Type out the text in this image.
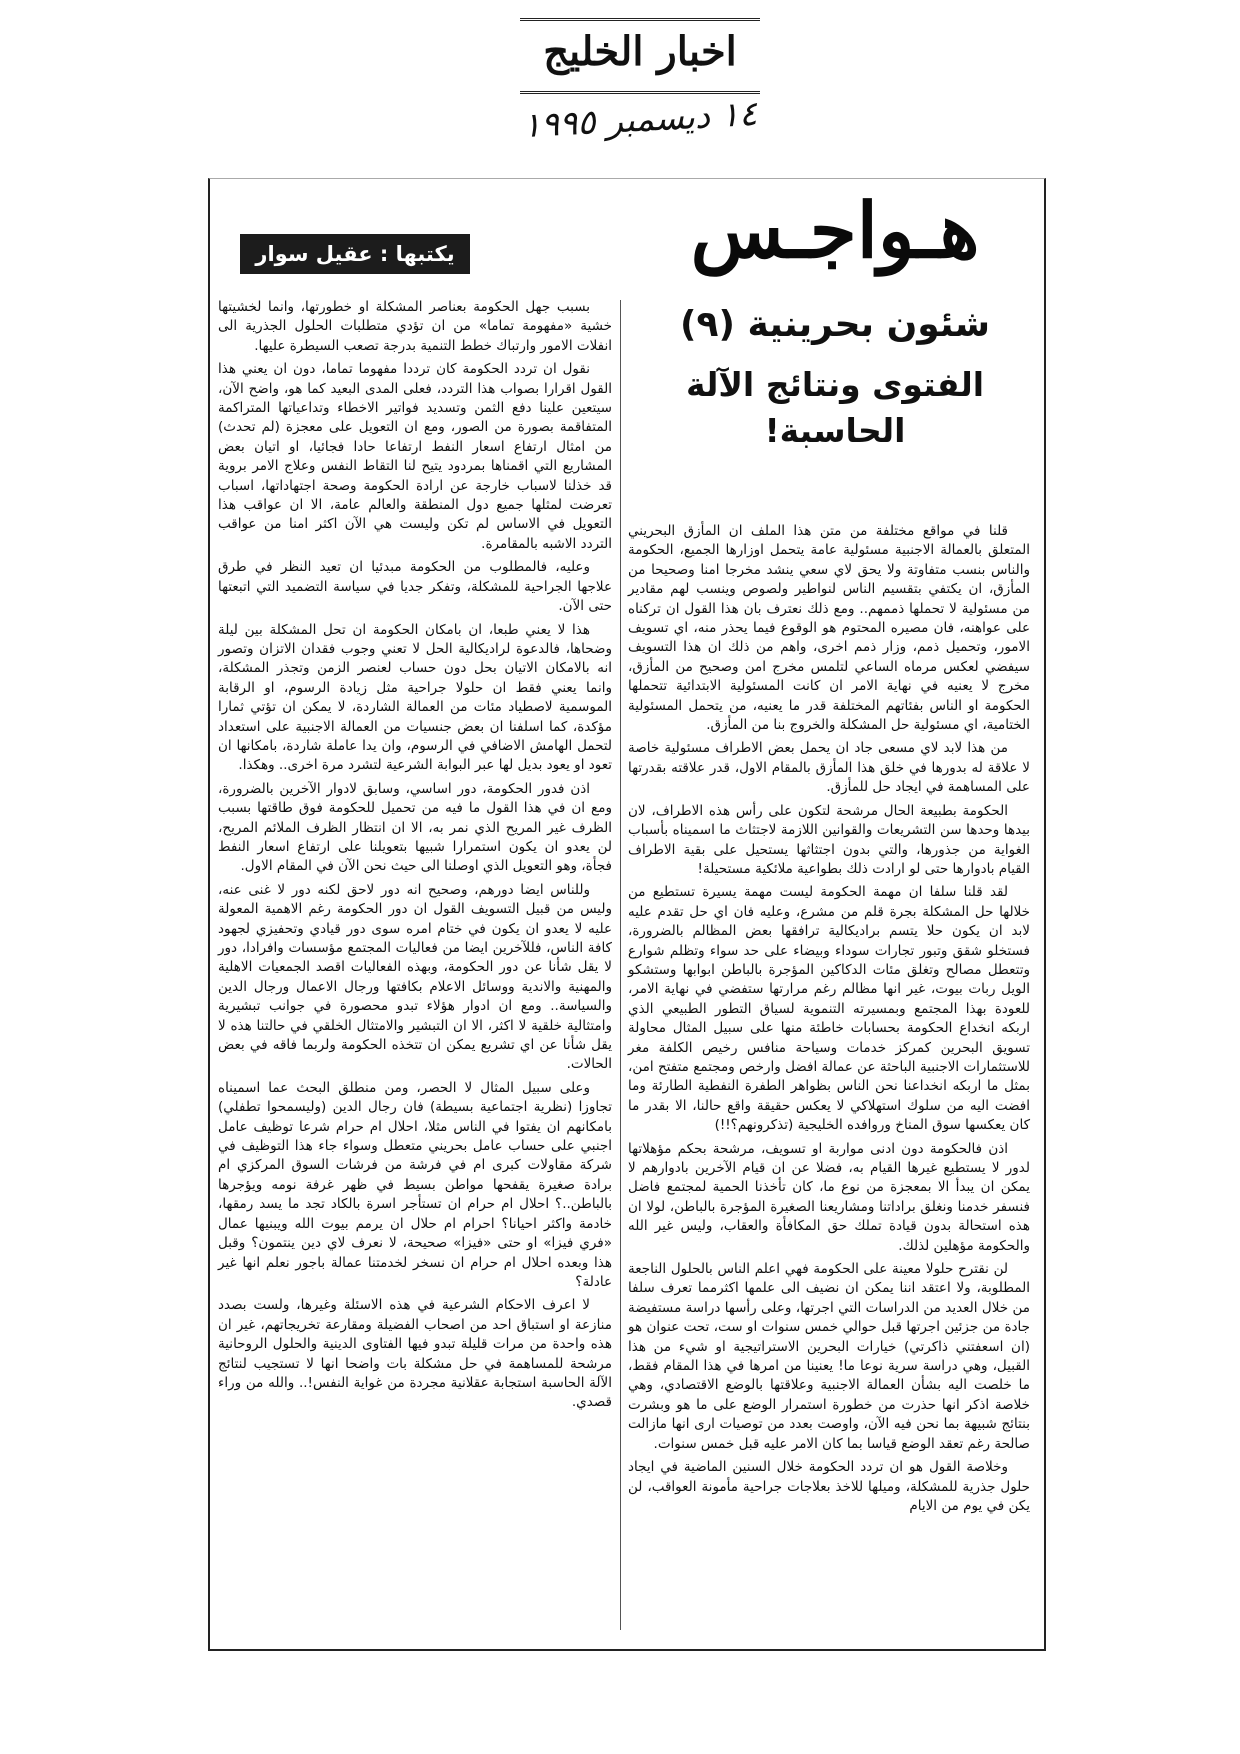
اخبار الخليج
١٤ ديسمبر ١٩٩٥
هـواجـس
يكتبها : عقيل سوار
شئون بحرينية (٩)
الفتوى ونتائج الآلة الحاسبة!

قلنا في مواقع مختلفة من متن هذا الملف ان المأزق البحريني المتعلق بالعمالة الاجنبية مسئولية عامة يتحمل اوزارها الجميع، الحكومة والناس بنسب متفاوتة ولا يحق لاي سعي ينشد مخرجا امنا وصحيحا من المأزق، ان يكتفي بتقسيم الناس لنواطير ولصوص وينسب لهم مقادير من مسئولية لا تحملها ذممهم.. ومع ذلك نعترف بان هذا القول ان تركناه على عواهنه، فان مصيره المحتوم هو الوقوع فيما يحذر منه، اي تسويف الامور، وتحميل ذمم، وزار ذمم اخرى، واهم من ذلك ان هذا التسويف سيفضي لعكس مرماه الساعي لتلمس مخرج امن وصحيح من المأزق، مخرج لا يعنيه في نهاية الامر ان كانت المسئولية الابتدائية تتحملها الحكومة او الناس بفئاتهم المختلفة قدر ما يعنيه، من يتحمل المسئولية الختامية، اي مسئولية حل المشكلة والخروج بنا من المأزق.

من هذا لابد لاي مسعى جاد ان يحمل بعض الاطراف مسئولية خاصة لا علاقة له بدورها في خلق هذا المأزق بالمقام الاول، قدر علاقته بقدرتها على المساهمة في ايجاد حل للمأزق.

الحكومة بطبيعة الحال مرشحة لتكون على رأس هذه الاطراف، لان بيدها وحدها سن التشريعات والقوانين اللازمة لاجتثاث ما اسميناه بأسباب الغواية من جذورها، والتي بدون اجتثاثها يستحيل على بقية الاطراف القيام بادوارها حتى لو ارادت ذلك بطواعية ملائكية مستحيلة!

لقد قلنا سلفا ان مهمة الحكومة ليست مهمة يسيرة تستطيع من خلالها حل المشكلة بجرة قلم من مشرع، وعليه فان اي حل تقدم عليه لابد ان يكون حلا يتسم براديكالية ترافقها بعض المظالم بالضرورة، فستخلو شقق وتبور تجارات سوداء وبيضاء على حد سواء وتظلم شوارع وتتعطل مصالح وتغلق مئات الدكاكين المؤجرة بالباطن ابوابها وستشكو الويل ربات بيوت، غير انها مظالم رغم مرارتها ستفضي في نهاية الامر، للعودة بهذا المجتمع وبمسيرته التنموية لسياق التطور الطبيعي الذي اربكه انخداع الحكومة بحسابات خاطئة منها على سبيل المثال محاولة تسويق البحرين كمركز خدمات وسياحة منافس رخيص الكلفة مغر للاستثمارات الاجنبية الباحثة عن عمالة افضل وارخص ومجتمع متفتح امن، بمثل ما اربكه انخداعنا نحن الناس بظواهر الطفرة النفطية الطارئة وما افضت اليه من سلوك استهلاكي لا يعكس حقيقة واقع حالنا، الا بقدر ما كان يعكسها سوق المناخ وروافده الخليجية (تذكرونهم؟!!)

اذن فالحكومة دون ادنى مواربة او تسويف، مرشحة بحكم مؤهلاتها لدور لا يستطيع غيرها القيام به، فضلا عن ان قيام الآخرين بادوارهم لا يمكن ان يبدأ الا بمعجزة من نوع ما، كان تأخذنا الحمية لمجتمع فاضل فنسفر خدمنا ونغلق براداتنا ومشاريعنا الصغيرة المؤجرة بالباطن، لولا ان هذه استحالة بدون قيادة تملك حق المكافأة والعقاب، وليس غير الله والحكومة مؤهلين لذلك.

لن نقترح حلولا معينة على الحكومة فهي اعلم الناس بالحلول الناجعة المطلوبة، ولا اعتقد اننا يمكن ان نضيف الى علمها اكثرمما تعرف سلفا من خلال العديد من الدراسات التي اجرتها، وعلى رأسها دراسة مستفيضة جادة من جزئين اجرتها قبل حوالي خمس سنوات او ست، تحت عنوان هو (ان اسعفتني ذاكرتي) خيارات البحرين الاستراتيجية او شيء من هذا القبيل، وهي دراسة سرية نوعا ما! يعنينا من امرها في هذا المقام فقط، ما خلصت اليه بشأن العمالة الاجنبية وعلاقتها بالوضع الاقتصادي، وهي خلاصة اذكر انها حذرت من خطورة استمرار الوضع على ما هو وبشرت بنتائج شبيهة بما نحن فيه الآن، واوصت بعدد من توصيات ارى انها مازالت صالحة رغم تعقد الوضع قياسا بما كان الامر عليه قبل خمس سنوات.

وخلاصة القول هو ان تردد الحكومة خلال السنين الماضية في ايجاد حلول جذرية للمشكلة، وميلها للاخذ بعلاجات جراحية مأمونة العواقب، لن يكن في يوم من الايام

بسبب جهل الحكومة بعناصر المشكلة او خطورتها، وانما لخشيتها خشية «مفهومة تماما» من ان تؤدي متطلبات الحلول الجذرية الى انفلات الامور وارتباك خطط التنمية بدرجة تصعب السيطرة عليها.

نقول ان تردد الحكومة كان ترددا مفهوما تماما، دون ان يعني هذا القول اقرارا بصواب هذا التردد، فعلى المدى البعيد كما هو، واضح الآن، سيتعين علينا دفع الثمن وتسديد فواتير الاخطاء وتداعياتها المتراكمة المتفاقمة بصورة من الصور، ومع ان التعويل على معجزة (لم تحدث) من امثال ارتفاع اسعار النفط ارتفاعا حادا فجائيا، او اتيان بعض المشاريع التي اقمناها بمردود يتيح لنا التقاط النفس وعلاج الامر بروية قد خذلنا لاسباب خارجة عن ارادة الحكومة وصحة اجتهاداتها، اسباب تعرضت لمثلها جميع دول المنطقة والعالم عامة، الا ان عواقب هذا التعويل في الاساس لم تكن وليست هي الآن اكثر امنا من عواقب التردد الاشبه بالمقامرة.

وعليه، فالمطلوب من الحكومة مبدئيا ان تعيد النظر في طرق علاجها الجراحية للمشكلة، وتفكر جديا في سياسة التضميد التي اتبعتها حتى الآن.

هذا لا يعني طبعا، ان بامكان الحكومة ان تحل المشكلة بين ليلة وضحاها، فالدعوة لراديكالية الحل لا تعني وجوب فقدان الاتزان وتصور انه بالامكان الاتيان بحل دون حساب لعنصر الزمن وتجذر المشكلة، وانما يعني فقط ان حلولا جراحية مثل زيادة الرسوم، او الرقابة الموسمية لاصطياد مئات من العمالة الشاردة، لا يمكن ان تؤتي ثمارا مؤكدة، كما اسلفنا ان بعض جنسيات من العمالة الاجنبية على استعداد لتحمل الهامش الاضافي في الرسوم، وان يدا عاملة شاردة، بامكانها ان تعود او يعود بديل لها عبر البوابة الشرعية لتشرد مرة اخرى.. وهكذا.

اذن فدور الحكومة، دور اساسي، وسابق لادوار الآخرين بالضرورة، ومع ان في هذا القول ما فيه من تحميل للحكومة فوق طاقتها بسبب الظرف غير المريح الذي نمر به، الا ان انتظار الظرف الملائم المريح، لن يعدو ان يكون استمرارا شبيها بتعويلنا على ارتفاع اسعار النفط فجأة، وهو التعويل الذي اوصلنا الى حيث نحن الآن في المقام الاول.

وللناس ايضا دورهم، وصحيح انه دور لاحق لكنه دور لا غنى عنه، وليس من قبيل التسويف القول ان دور الحكومة رغم الاهمية المعولة عليه لا يعدو ان يكون في ختام امره سوى دور قيادي وتحفيزي لجهود كافة الناس، فللآخرين ايضا من فعاليات المجتمع مؤسسات وافرادا، دور لا يقل شأنا عن دور الحكومة، وبهذه الفعاليات اقصد الجمعيات الاهلية والمهنية والاندية ووسائل الاعلام بكافتها ورجال الاعمال ورجال الدين والسياسة.. ومع ان ادوار هؤلاء تبدو محصورة في جوانب تبشيرية وامتثالية خلقية لا اكثر، الا ان التبشير والامتثال الخلقي في حالتنا هذه لا يقل شأنا عن اي تشريع يمكن ان تتخذه الحكومة ولربما فاقه في بعض الحالات.

وعلى سبيل المثال لا الحصر، ومن منطلق البحث عما اسميناه تجاوزا (نظرية اجتماعية بسيطة) فان رجال الدين (وليسمحوا تطفلي) بامكانهم ان يفتوا في الناس مثلا، احلال ام حرام شرعا توظيف عامل اجنبي على حساب عامل بحريني متعطل وسواء جاء هذا التوظيف في شركة مقاولات كبرى ام في فرشة من فرشات السوق المركزي ام برادة صغيرة يقفحها مواطن بسيط في ظهر غرفة نومه ويؤجرها بالباطن..؟ احلال ام حرام ان تستأجر اسرة بالكاد تجد ما يسد رمقها، خادمة واكثر احيانا؟ احرام ام حلال ان يرمم بيوت الله ويبنيها عمال «فري فيزا» او حتى «فيزا» صحيحة، لا نعرف لاي دين ينتمون؟ وقبل هذا وبعده احلال ام حرام ان نسخر لخدمتنا عمالة باجور نعلم انها غير عادلة؟

لا اعرف الاحكام الشرعية في هذه الاسئلة وغيرها، ولست بصدد منازعة او استباق احد من اصحاب الفضيلة ومقارعة تخريجاتهم، غير ان هذه واحدة من مرات قليلة تبدو فيها الفتاوى الدينية والحلول الروحانية مرشحة للمساهمة في حل مشكلة بات واضحا انها لا تستجيب لنتائج الآلة الحاسبة استجابة عقلانية مجردة من غواية النفس!.. والله من وراء قصدي.
